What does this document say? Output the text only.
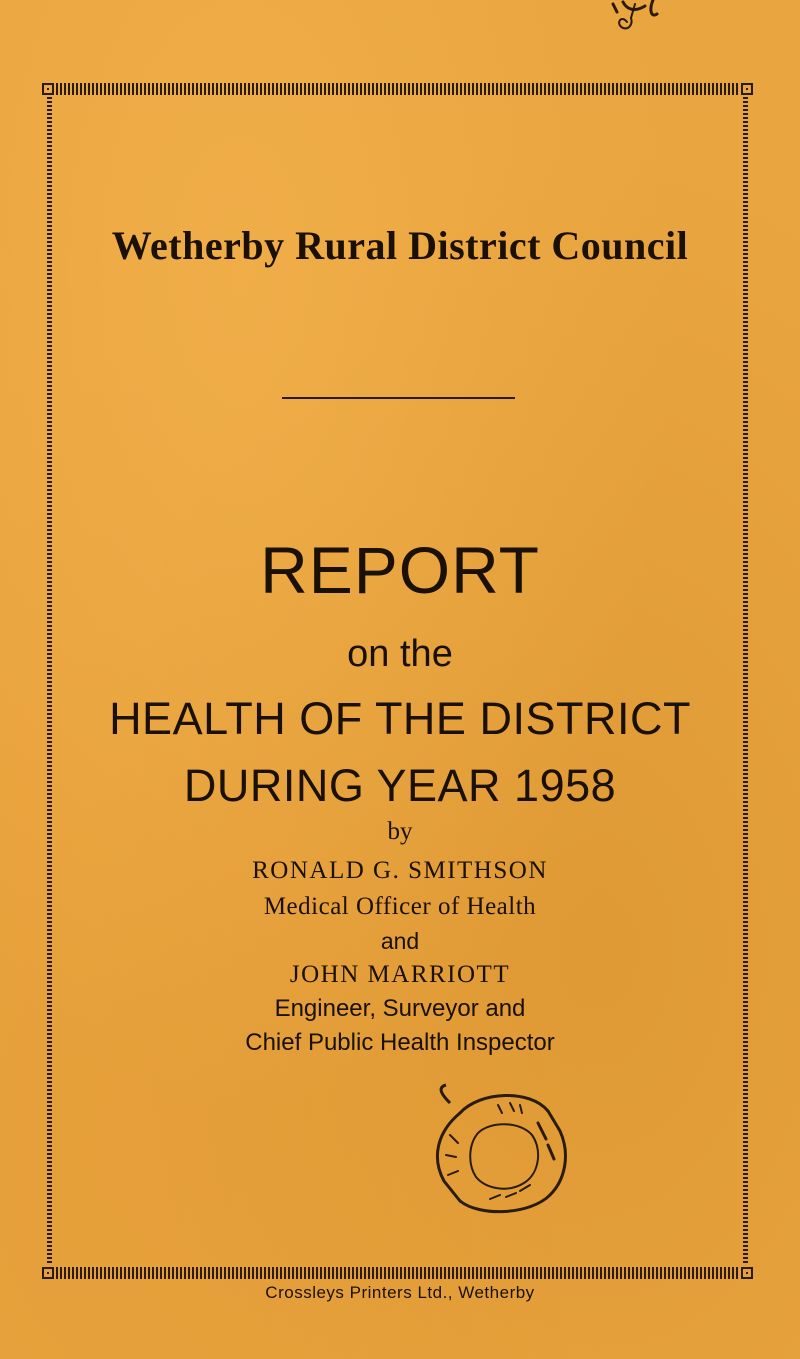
Wetherby Rural District Council
REPORT
on the
HEALTH OF THE DISTRICT
DURING YEAR 1958
by
RONALD G. SMITHSON
Medical Officer of Health
and
JOHN MARRIOTT
Engineer, Surveyor and
Chief Public Health Inspector
Crossleys Printers Ltd., Wetherby
